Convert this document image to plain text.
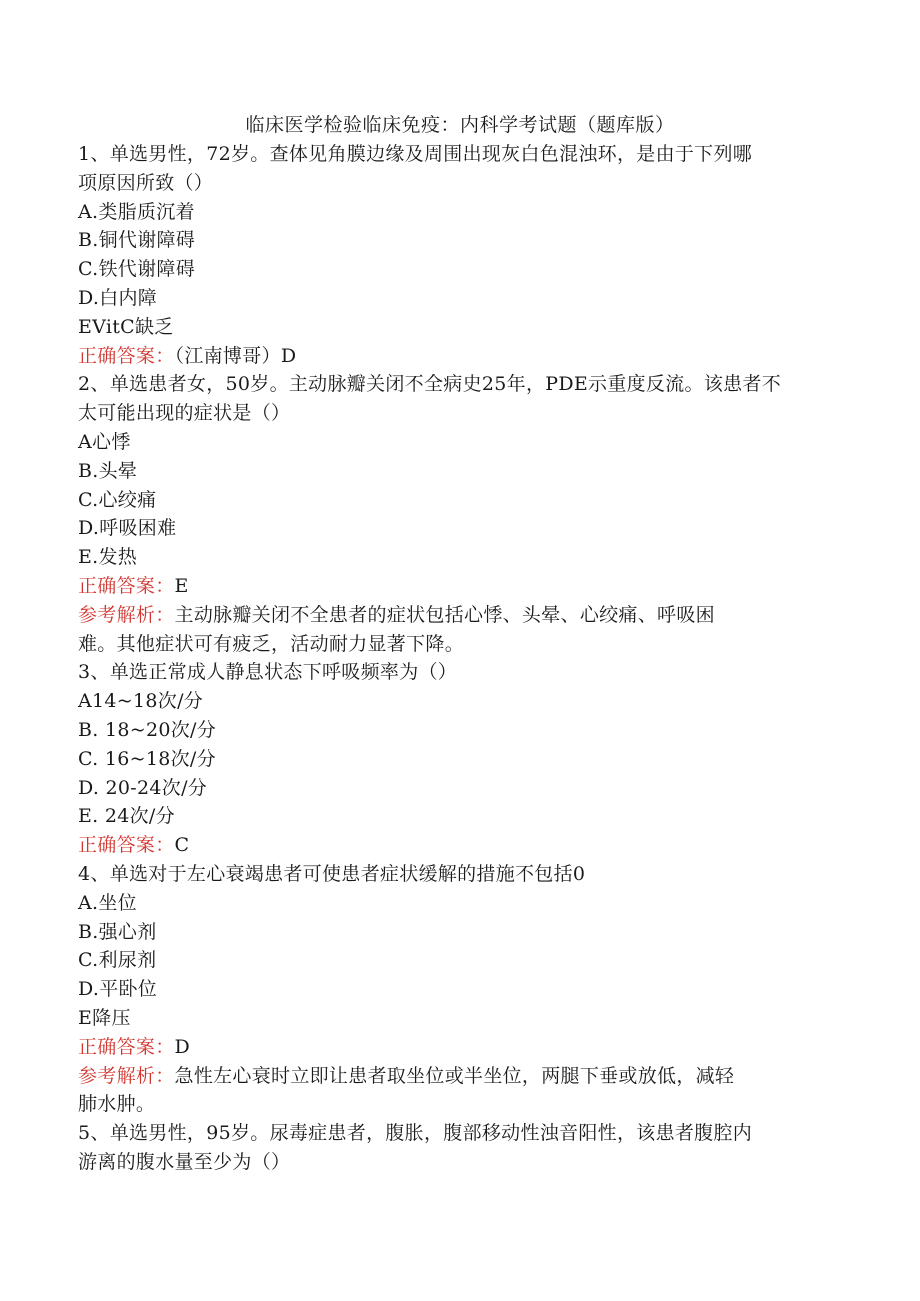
临床医学检验临床免疫：内科学考试题（题库版）
1、单选男性，72岁。查体见角膜边缘及周围出现灰白色混浊环，是由于下列哪
项原因所致（）
A.类脂质沉着
B.铜代谢障碍
C.铁代谢障碍
D.白内障
EVitC缺乏
正确答案：（江南博哥）D
2、单选患者女，50岁。主动脉瓣关闭不全病史25年，PDE示重度反流。该患者不
太可能出现的症状是（）
A心悸
B.头晕
C.心绞痛
D.呼吸困难
E.发热
正确答案：E
参考解析：主动脉瓣关闭不全患者的症状包括心悸、头晕、心绞痛、呼吸困
难。其他症状可有疲乏，活动耐力显著下降。
3、单选正常成人静息状态下呼吸频率为（）
A14~18次/分
B. 18~20次/分
C. 16~18次/分
D. 20-24次/分
E. 24次/分
正确答案：C
4、单选对于左心衰竭患者可使患者症状缓解的措施不包括0
A.坐位
B.强心剂
C.利尿剂
D.平卧位
E降压
正确答案：D
参考解析：急性左心衰时立即让患者取坐位或半坐位，两腿下垂或放低，减轻
肺水肿。
5、单选男性，95岁。尿毒症患者，腹胀，腹部移动性浊音阳性，该患者腹腔内
游离的腹水量至少为（）
